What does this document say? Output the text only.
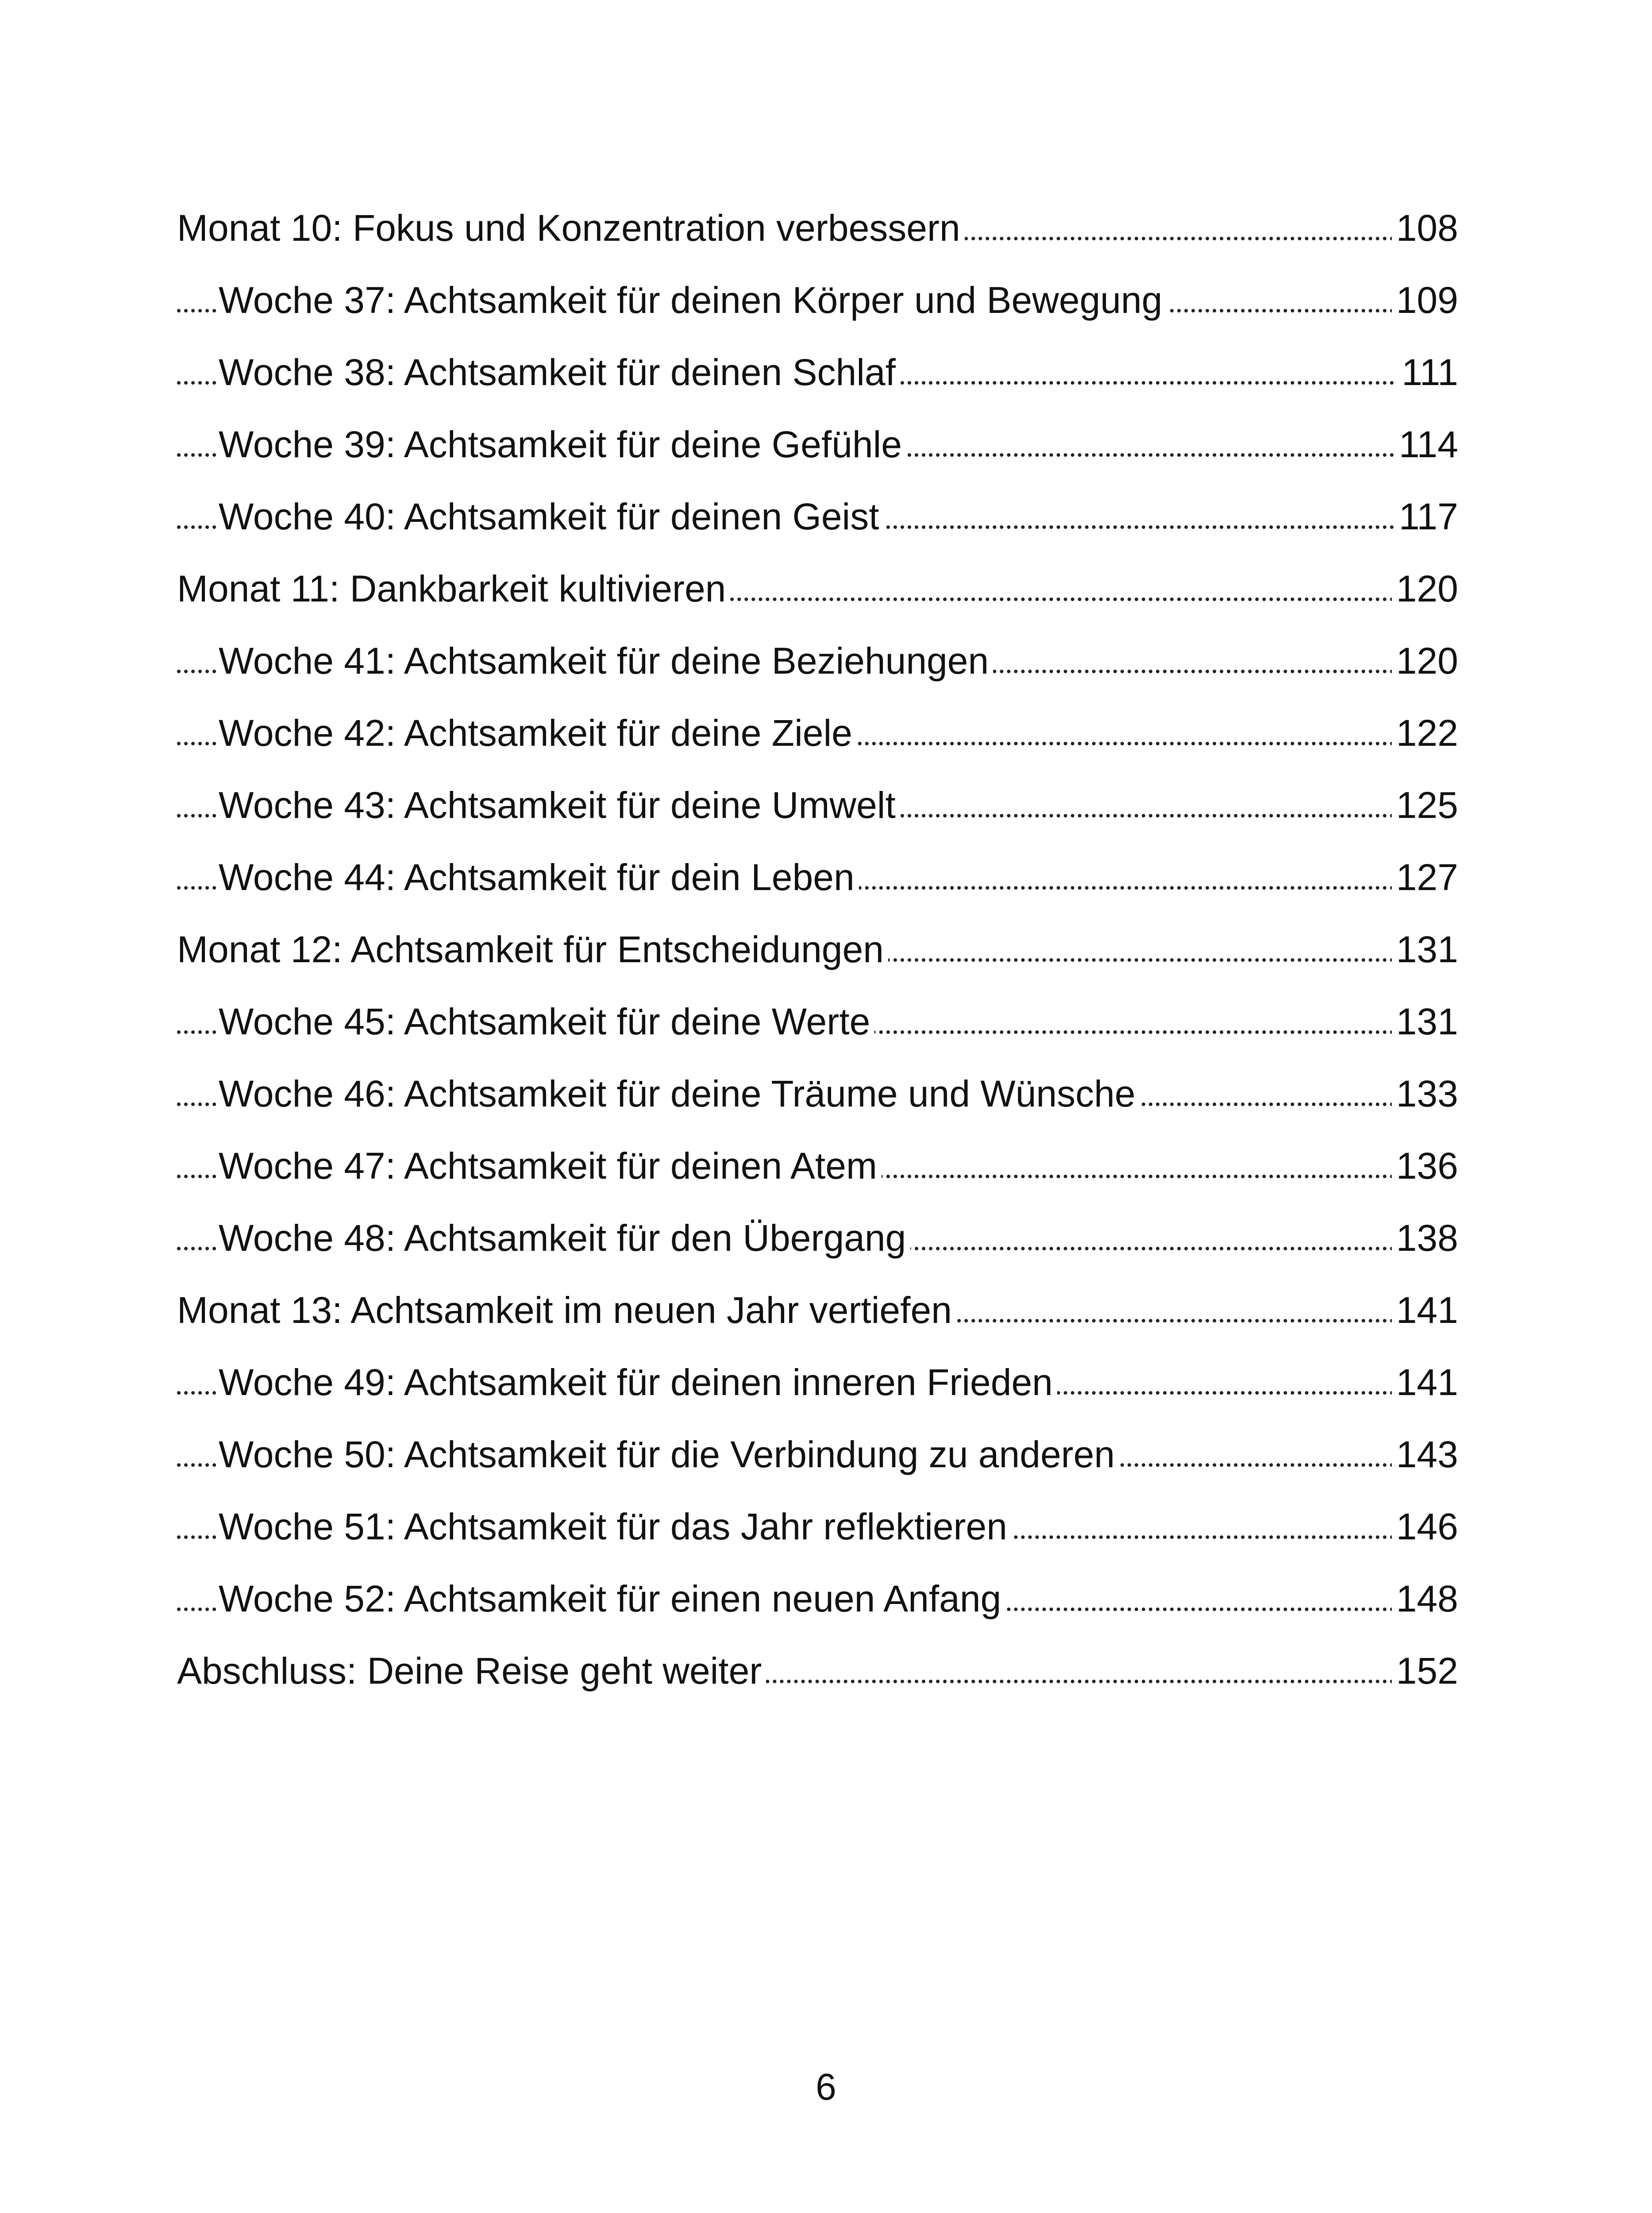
Monat 10: Fokus und Konzentration verbessern	108
Woche 37: Achtsamkeit für deinen Körper und Bewegung	109
Woche 38: Achtsamkeit für deinen Schlaf	111
Woche 39: Achtsamkeit für deine Gefühle	114
Woche 40: Achtsamkeit für deinen Geist	117
Monat 11: Dankbarkeit kultivieren	120
Woche 41: Achtsamkeit für deine Beziehungen	120
Woche 42: Achtsamkeit für deine Ziele	122
Woche 43: Achtsamkeit für deine Umwelt	125
Woche 44: Achtsamkeit für dein Leben	127
Monat 12: Achtsamkeit für Entscheidungen	131
Woche 45: Achtsamkeit für deine Werte	131
Woche 46: Achtsamkeit für deine Träume und Wünsche	133
Woche 47: Achtsamkeit für deinen Atem	136
Woche 48: Achtsamkeit für den Übergang	138
Monat 13: Achtsamkeit im neuen Jahr vertiefen	141
Woche 49: Achtsamkeit für deinen inneren Frieden	141
Woche 50: Achtsamkeit für die Verbindung zu anderen	143
Woche 51: Achtsamkeit für das Jahr reflektieren	146
Woche 52: Achtsamkeit für einen neuen Anfang	148
Abschluss: Deine Reise geht weiter	152
6
